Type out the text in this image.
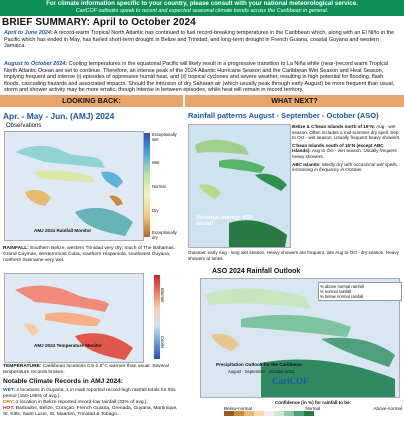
For climate information specific to your country, please consult with your national meteorological service.
CariCOF outlooks speak to recent and expected seasonal climate trends across the Caribbean in general.
BRIEF SUMMARY: April to October 2024
April to June 2024: A record-warm Tropical North Atlantic has continued to fuel record-breaking temperatures in the Caribbean which, along with an El Niño in the Pacific which has ended in May, has fueled short-term drought in Belize and Trinidad, and long-term drought in French Guiana, coastal Guyana and western Jamaica.
August to October 2024: Cooling temperatures in the equatorial Pacific will likely result in a progressive transition to La Niña while (near-)record warm Tropical North Atlantic Ocean are set to continue. Therefore, an intense peak of the 2024 Atlantic Hurricane Season and the Caribbean Wet Season and Heat Season, implying frequent and intense (i) episodes of oppressive humid heat, and (ii) tropical cyclones and severe weather, resulting in high potential for flooding, flash floods, cascading hazards and associated impacts. Should the intrusion of dry Saharan air (which usually peak through early August) be more frequent than usual, storm and shower activity may be more erratic, though intense in between episodes, while heat will remain in record territory.
LOOKING BACK:	WHAT NEXT?
Apr. - May - Jun. (AMJ) 2024
Observations
Exceptionally wet
Wet
Normal
Dry
Exceptionally dry
AMJ 2024 Rainfall Monitor
RAINFALL: Southern Belize, western Trinidad very dry; much of The Bahamas, Grand Cayman, westernmost Cuba, southern Hispaniola, southwest Guyana, northern Suriname very wet.
Warmer
Cooler
AMJ 2024 Temperature Monitor
TEMPERATURE: Caribbean locations 0.5-2.5°C warmer than usual. Several temperature records broken.
Notable Climate Records in AMJ 2024:
WET: 2 locations in Guyana, 1 in Haiti reported record-high rainfall totals for this period (150-195% of avg.).
DRY: 1 location in Belize reported record-low rainfall (32% of avg.).
HOT: Barbados, Belize, Curaçao, French Guiana, Grenada, Guyana, Martinique, St. Kitts, Saint Lucie, St. Maarten, Trinidad & Tobago...
Rainfall patterns August - September - October (ASO)
Historical average ASO rainfall
Belize & C'bean Islands north of 16°N: Aug - wet season. Often includes a mid-summer dry spell. Sep to Oct - wet season. Usually frequent heavy showers.
C'bean Islands south of 16°N (except ABC Islands): Aug to Oct - wet season. Usually frequent heavy showers.
ABC Islands: Mostly dry with occasional wet spells, increasing in frequency in October.
Guianas: early Aug - long wet season. Heavy showers are frequent. late Aug to Oct - dry season. Heavy showers at times.
ASO 2024 Rainfall Outlook
% above normal rainfall
% normal rainfall
% below normal rainfall
Precipitation Outlook for the Caribbean
August - September - October 2024
CariCOF
Confidence (in %) for rainfall to be:
Below-normal	Normal	Above-normal
